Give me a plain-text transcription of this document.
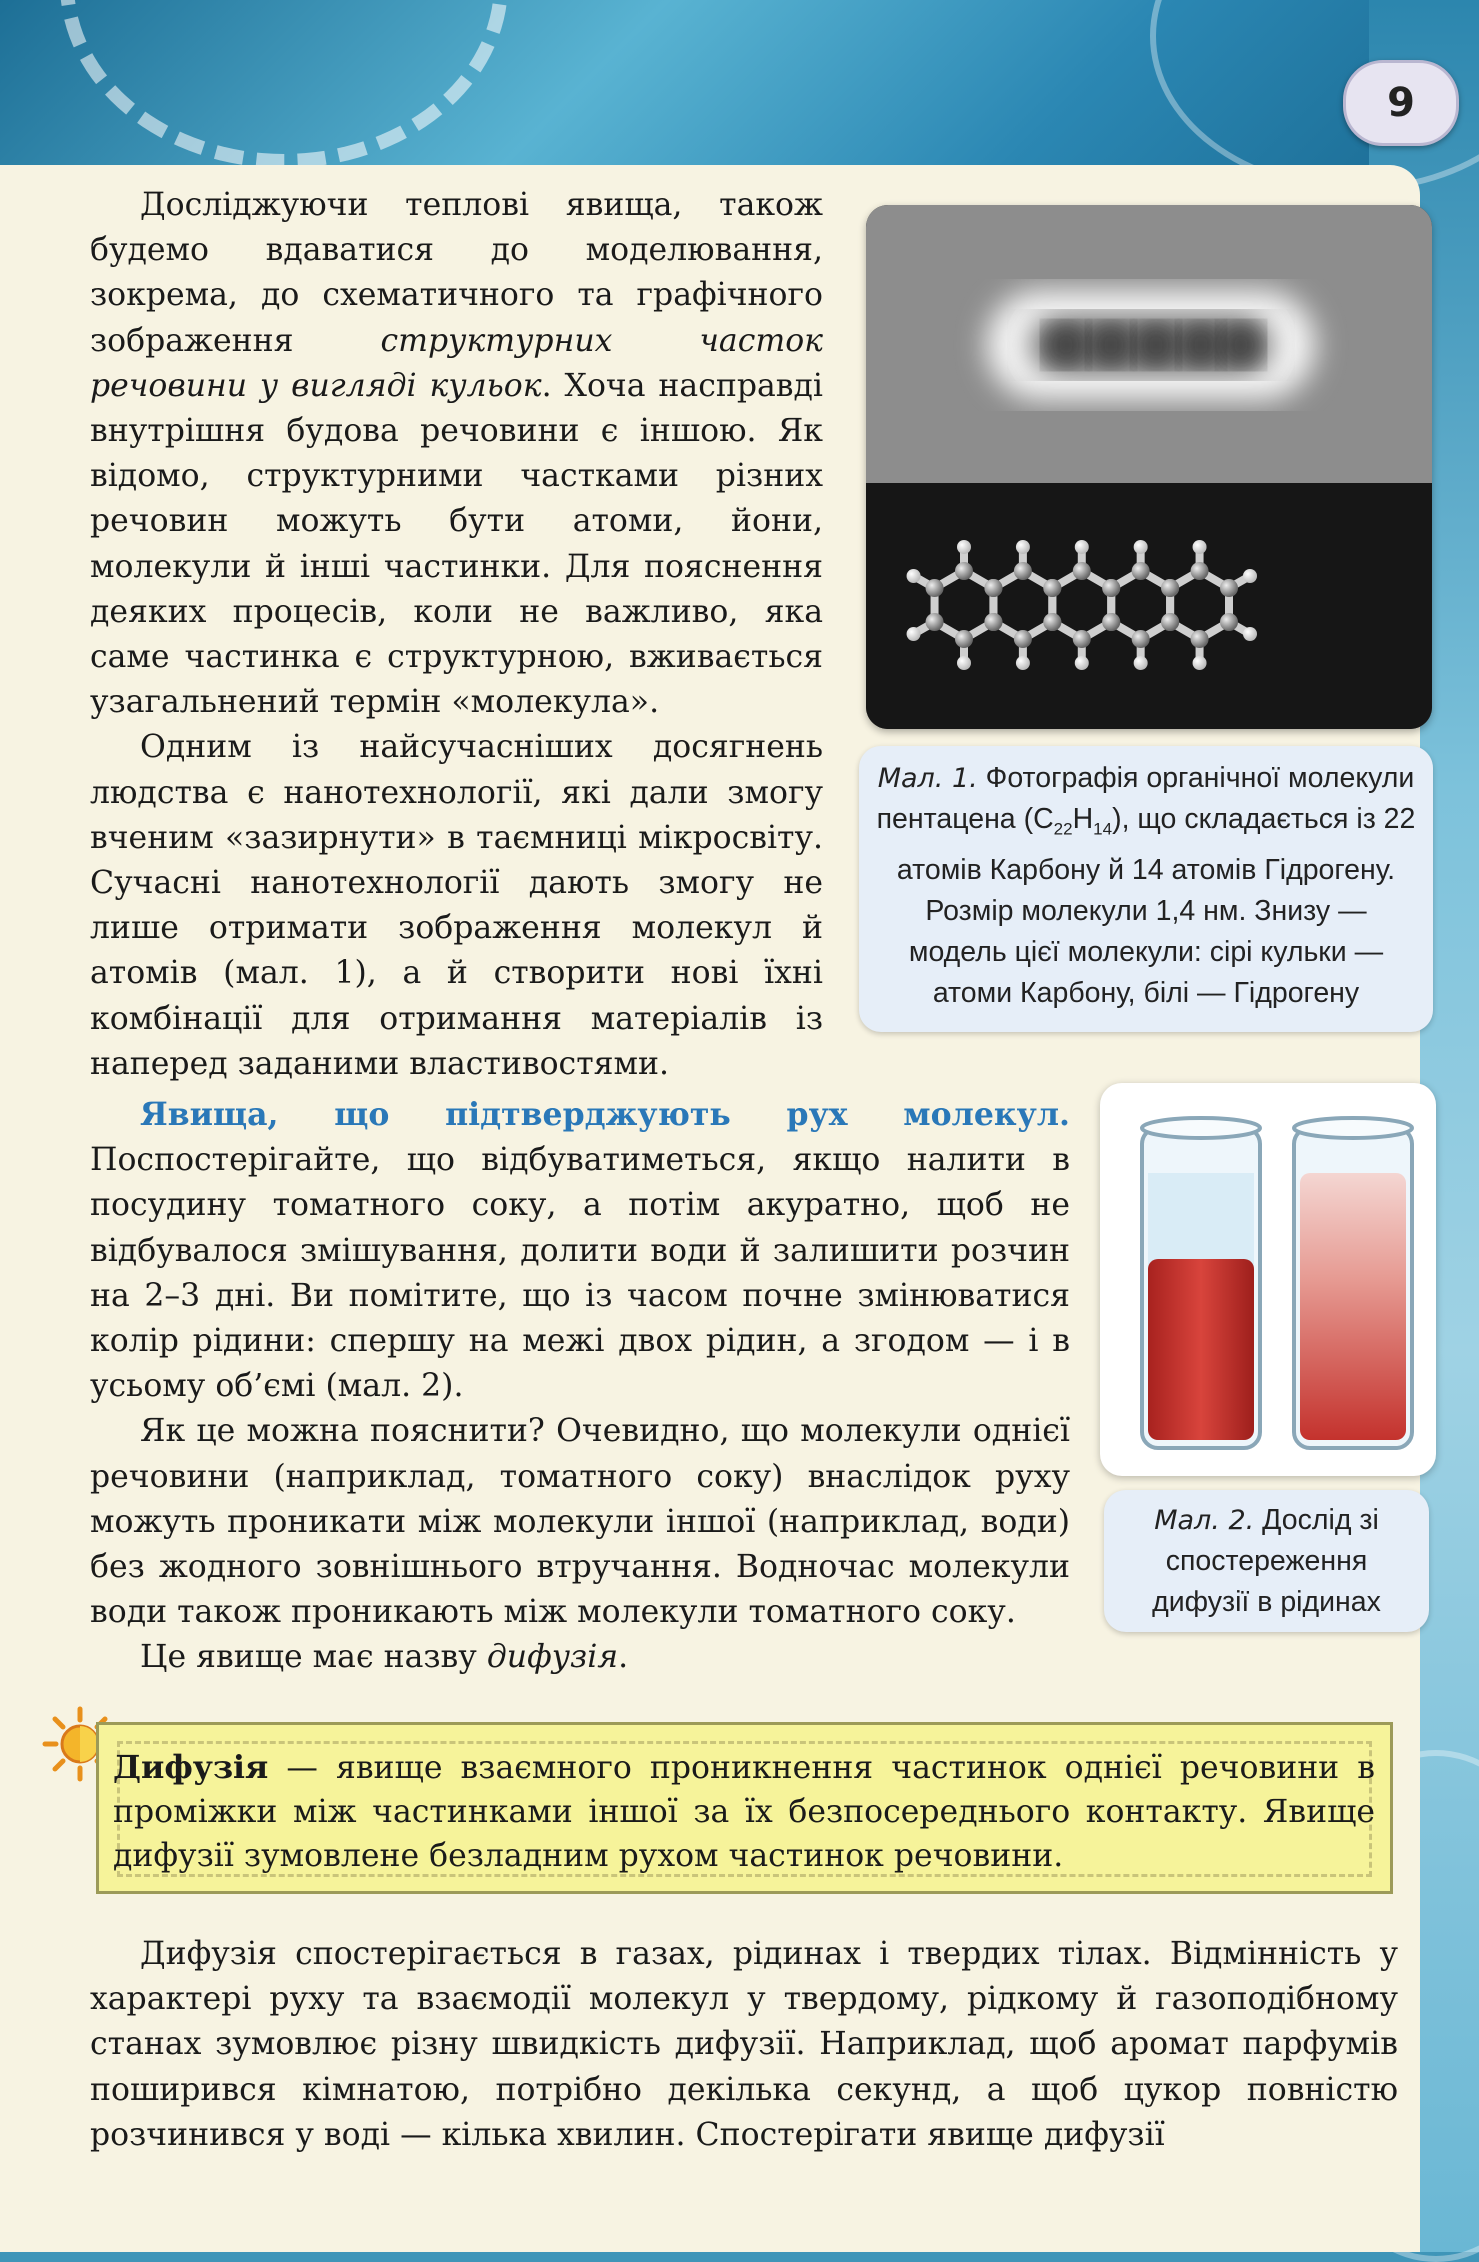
9

Досліджуючи теплові явища, також будемо вдаватися до моделювання, зокрема, до схематичного та графічного зображення структурних часток речовини у вигляді кульок. Хоча насправді внутрішня будова речовини є іншою. Як відомо, структурними частками різних речовин можуть бути атоми, йони, молекули й інші частинки. Для пояснення деяких процесів, коли не важливо, яка саме частинка є структурною, вживається узагальнений термін «молекула».

Одним із найсучасніших досягнень людства є нанотехнології, які дали змогу вченим «зазирнути» в таємниці мікросвіту. Сучасні нанотехнології дають змогу не лише отримати зображення молекул й атомів (мал. 1), а й створити нові їхні комбінації для отримання матеріалів із наперед заданими властивостями.

Явища, що підтверджують рух молекул. Поспостерігайте, що відбуватиметься, якщо налити в посудину томатного соку, а потім акуратно, щоб не відбувалося змішування, долити води й залишити розчин на 2–3 дні. Ви помітите, що із часом почне змінюватися колір рідини: спершу на межі двох рідин, а згодом — і в усьому об’ємі (мал. 2).

Як це можна пояснити? Очевидно, що молекули однієї речовини (наприклад, томатного соку) внаслідок руху можуть проникати між молекули іншої (наприклад, води) без жодного зовнішнього втручання. Водночас молекули води також проникають між молекули томатного соку.

Це явище має назву дифузія.

Мал. 1. Фотографія органічної молекули пентацена $(C_{22}H_{14})$, що складається із 22 атомів Карбону й 14 атомів Гідрогену. Розмір молекули 1,4 нм. Знизу — модель цієї молекули: сірі кульки — атоми Карбону, білі — Гідрогену
Мал. 2. Дослід зі спостереження дифузії в рідинах
Дифузія — явище взаємного проникнення частинок однієї речовини в проміжки між частинками іншої за їх безпосереднього контакту. Явище дифузії зумовлене безладним рухом частинок речовини.

Дифузія спостерігається в газах, рідинах і твердих тілах. Відмінність у характері руху та взаємодії молекул у твердому, рідкому й газоподібному станах зумовлює різну швидкість дифузії. Наприклад, щоб аромат парфумів поширився кімнатою, потрібно декілька секунд, а щоб цукор повністю розчинився у воді — кілька хвилин. Спостерігати явище дифузії
